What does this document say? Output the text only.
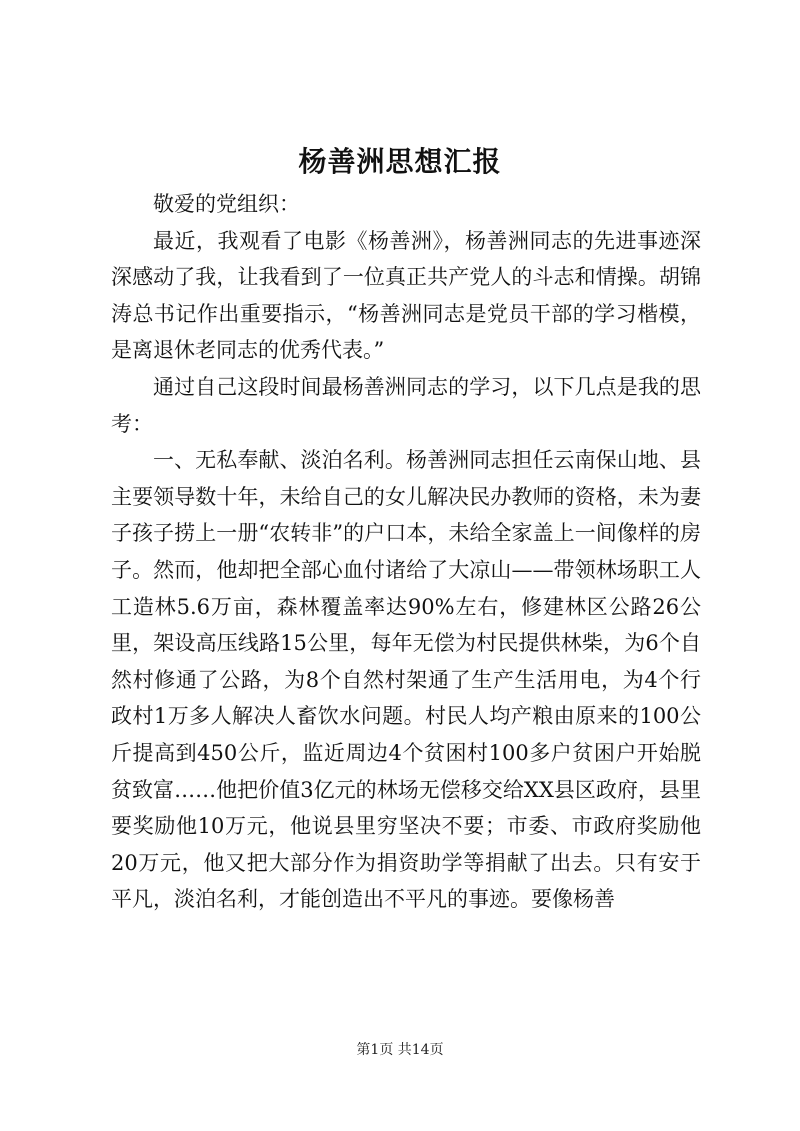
杨善洲思想汇报

敬爱的党组织：

最近，我观看了电影《杨善洲》，杨善洲同志的先进事迹深深感动了我，让我看到了一位真正共产党人的斗志和情操。胡锦涛总书记作出重要指示，“杨善洲同志是党员干部的学习楷模，是离退休老同志的优秀代表。”

通过自己这段时间最杨善洲同志的学习，以下几点是我的思考：

一、无私奉献、淡泊名利。杨善洲同志担任云南保山地、县主要领导数十年，未给自己的女儿解决民办教师的资格，未为妻子孩子捞上一册“农转非”的户口本，未给全家盖上一间像样的房子。然而，他却把全部心血付诸给了大凉山——带领林场职工人工造林5.6万亩，森林覆盖率达90%左右，修建林区公路26公里，架设高压线路15公里，每年无偿为村民提供林柴，为6个自然村修通了公路，为8个自然村架通了生产生活用电，为4个行政村1万多人解决人畜饮水问题。村民人均产粮由原来的100公斤提高到450公斤，监近周边4个贫困村100多户贫困户开始脱贫致富……他把价值3亿元的林场无偿移交给XX县区政府，县里要奖励他10万元，他说县里穷坚决不要；市委、市政府奖励他20万元，他又把大部分作为捐资助学等捐献了出去。只有安于平凡，淡泊名利，才能创造出不平凡的事迹。要像杨善

第1页 共14页
